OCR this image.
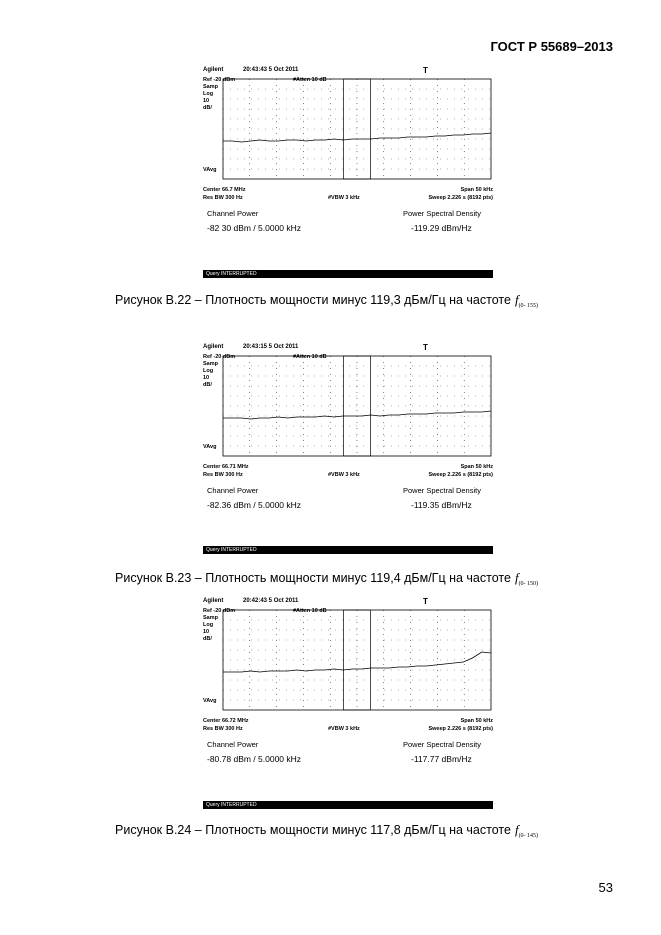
ГОСТ Р 55689–2013
Agilent	20:43:43 5 Oct 2011	T
Ref -20 dBm	#Atten 10 dB
Samp
Log
10
dB/
VAvg
Center 66.7 MHz	Span 50 kHz
Res BW 300 Hz	#VBW 3 kHz	Sweep 2.226 s (8192 pts)
Channel Power	Power Spectral Density
-82 30 dBm / 5.0000 kHz	-119.29 dBm/Hz
Query INTERRUPTED
Рисунок В.22 – Плотность мощности минус 119,3 дБм/Гц на частоте $f_{(0- 155)}$
Agilent	20:43:15 5 Oct 2011	T
Ref -20 dBm	#Atten 10 dB
Samp
Log
10
dB/
VAvg
Center 66.71 MHz	Span 50 kHz
Res BW 300 Hz	#VBW 3 kHz	Sweep 2.226 s (8192 pts)
Channel Power	Power Spectral Density
-82.36 dBm / 5.0000 kHz	-119.35 dBm/Hz
Query INTERRUPTED
Рисунок В.23 – Плотность мощности минус 119,4 дБм/Гц на частоте $f_{(0- 150)}$
Agilent	20:42:43 5 Oct 2011	T
Ref -20 dBm	#Atten 10 dB
Samp
Log
10
dB/
VAvg
Center 66.72 MHz	Span 50 kHz
Res BW 300 Hz	#VBW 3 kHz	Sweep 2.226 s (8192 pts)
Channel Power	Power Spectral Density
-80.78 dBm / 5.0000 kHz	-117.77 dBm/Hz
Query INTERRUPTED
Рисунок В.24 – Плотность мощности минус 117,8 дБм/Гц на частоте $f_{(0- 145)}$
53
